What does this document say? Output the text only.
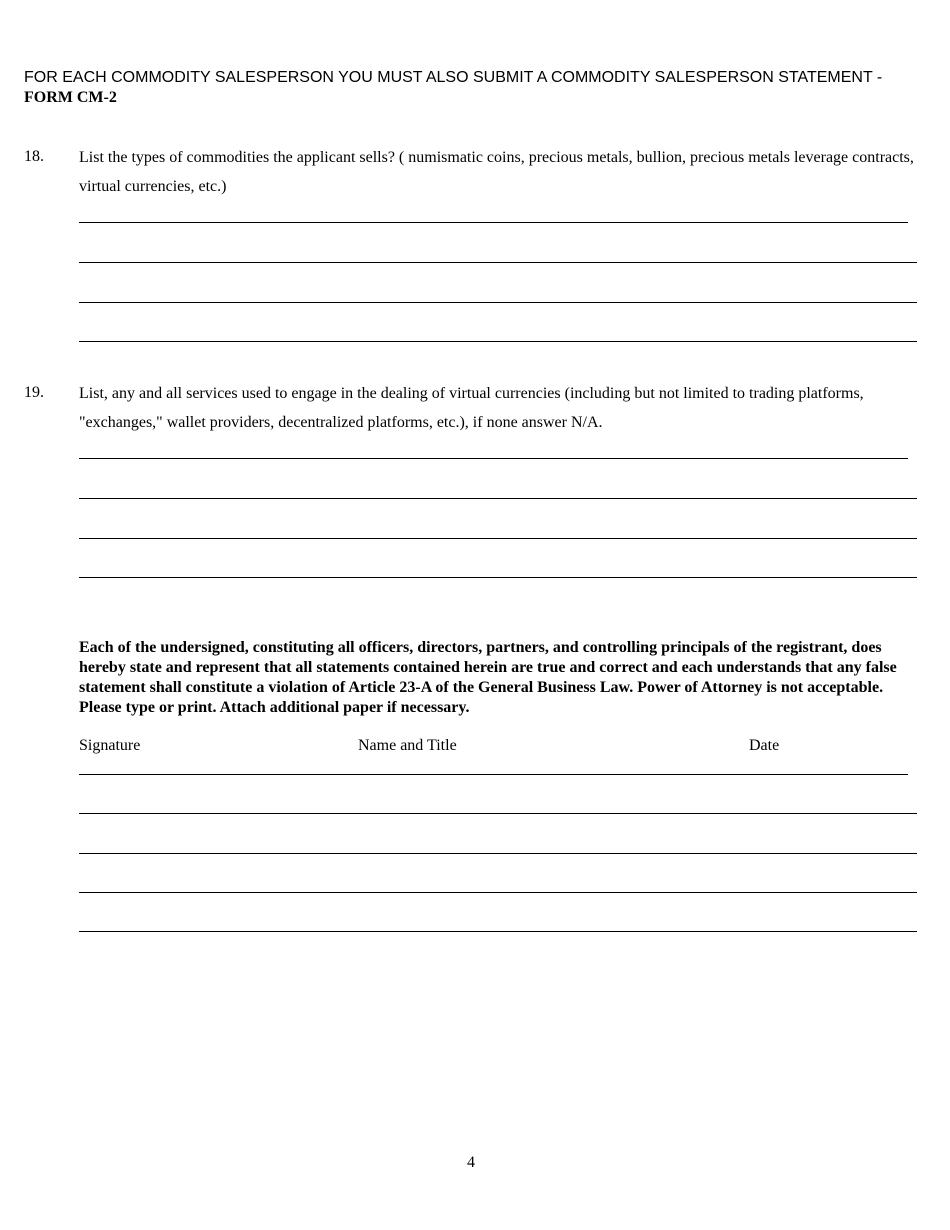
FOR EACH COMMODITY SALESPERSON YOU MUST ALSO SUBMIT A COMMODITY SALESPERSON STATEMENT -
FORM CM-2
18. List the types of commodities the applicant sells? ( numismatic coins, precious metals, bullion, precious metals leverage contracts, virtual currencies, etc.)
19. List, any and all services used to engage in the dealing of virtual currencies (including but not limited to trading platforms, "exchanges," wallet providers, decentralized platforms, etc.), if none answer N/A.
Each of the undersigned, constituting all officers, directors, partners, and controlling principals of the registrant, does hereby state and represent that all statements contained herein are true and correct and each understands that any false statement shall constitute a violation of Article 23-A of the General Business Law. Power of Attorney is not acceptable. Please type or print. Attach additional paper if necessary.
Signature	Name and Title	Date
4
